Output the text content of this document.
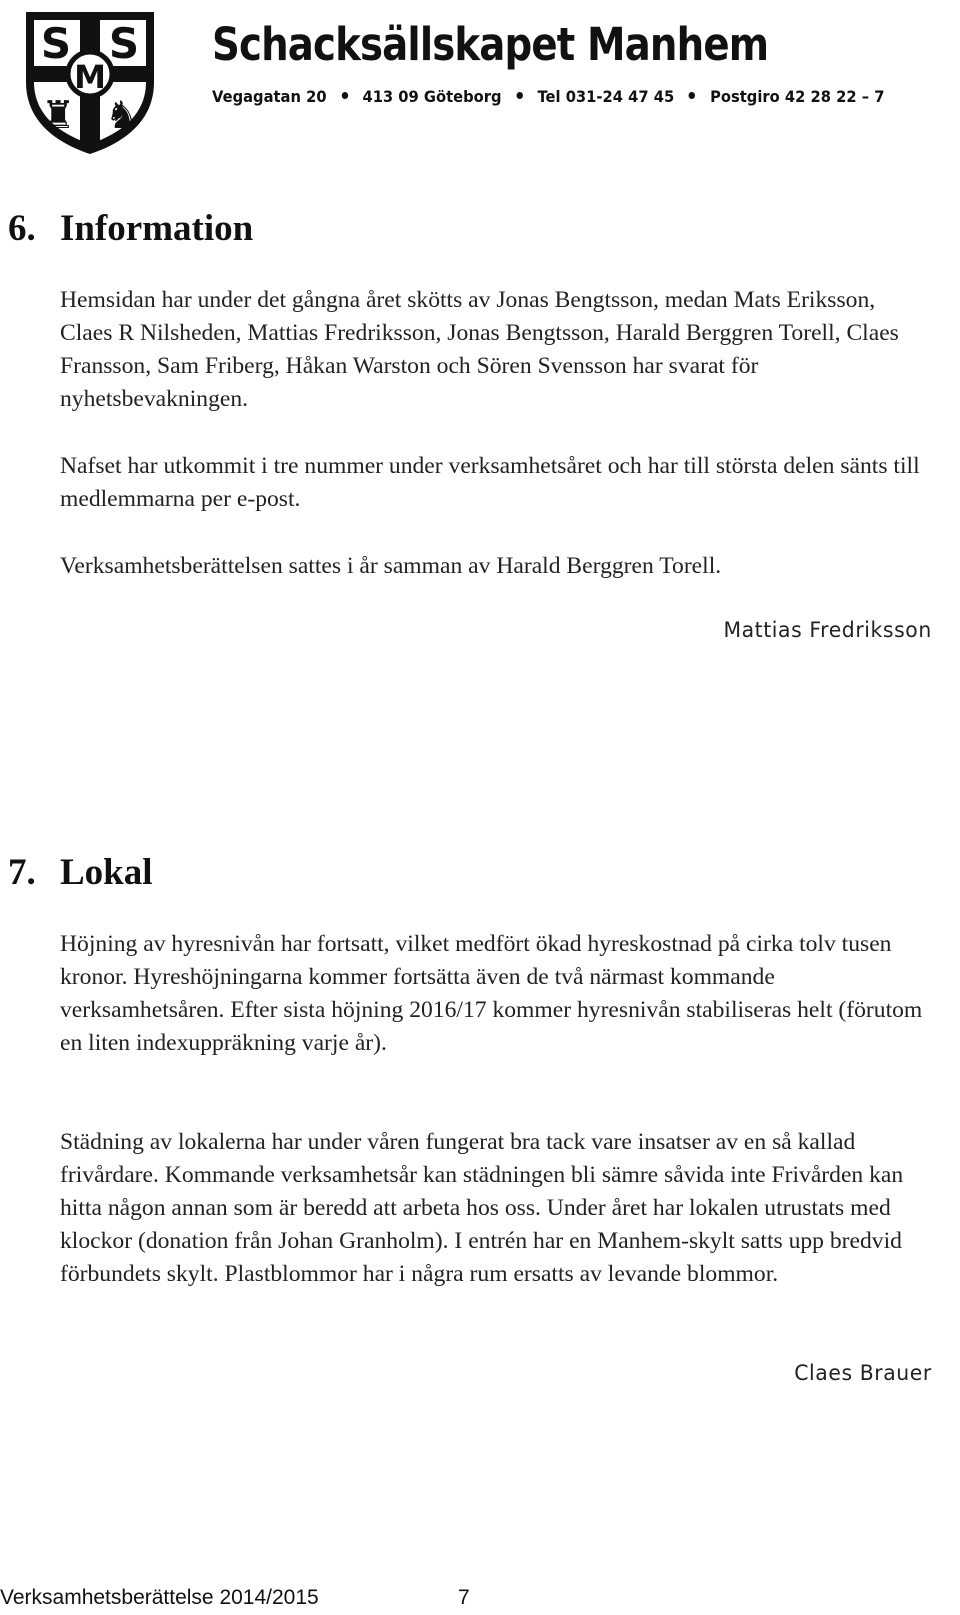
S S
M
♜ ♞
Schacksällskapet Manhem
Vegagatan 20 413 09 Göteborg Tel 031-24 47 45 Postgiro 42 28 22 – 7
6. Information

Hemsidan har under det gångna året skötts av Jonas Bengtsson, medan Mats Eriksson, Claes R Nilsheden, Mattias Fredriksson, Jonas Bengtsson, Harald Berggren Torell, Claes Fransson, Sam Friberg, Håkan Warston och Sören Svensson har svarat för nyhetsbevakningen.

Nafset har utkommit i tre nummer under verksamhetsåret och har till största delen sänts till medlemmarna per e-post.

Verksamhetsberättelsen sattes i år samman av Harald Berggren Torell.

Mattias Fredriksson

7. Lokal

Höjning av hyresnivån har fortsatt, vilket medfört ökad hyreskostnad på cirka tolv tusen kronor. Hyreshöjningarna kommer fortsätta även de två närmast kommande verksamhetsåren. Efter sista höjning 2016/17 kommer hyresnivån stabiliseras helt (förutom en liten indexuppräkning varje år).

Städning av lokalerna har under våren fungerat bra tack vare insatser av en så kallad frivårdare. Kommande verksamhetsår kan städningen bli sämre såvida inte Frivården kan hitta någon annan som är beredd att arbeta hos oss. Under året har lokalen utrustats med klockor (donation från Johan Granholm). I entrén har en Manhem-skylt satts upp bredvid förbundets skylt. Plastblommor har i några rum ersatts av levande blommor.

Claes Brauer

Verksamhetsberättelse 2014/2015	7
